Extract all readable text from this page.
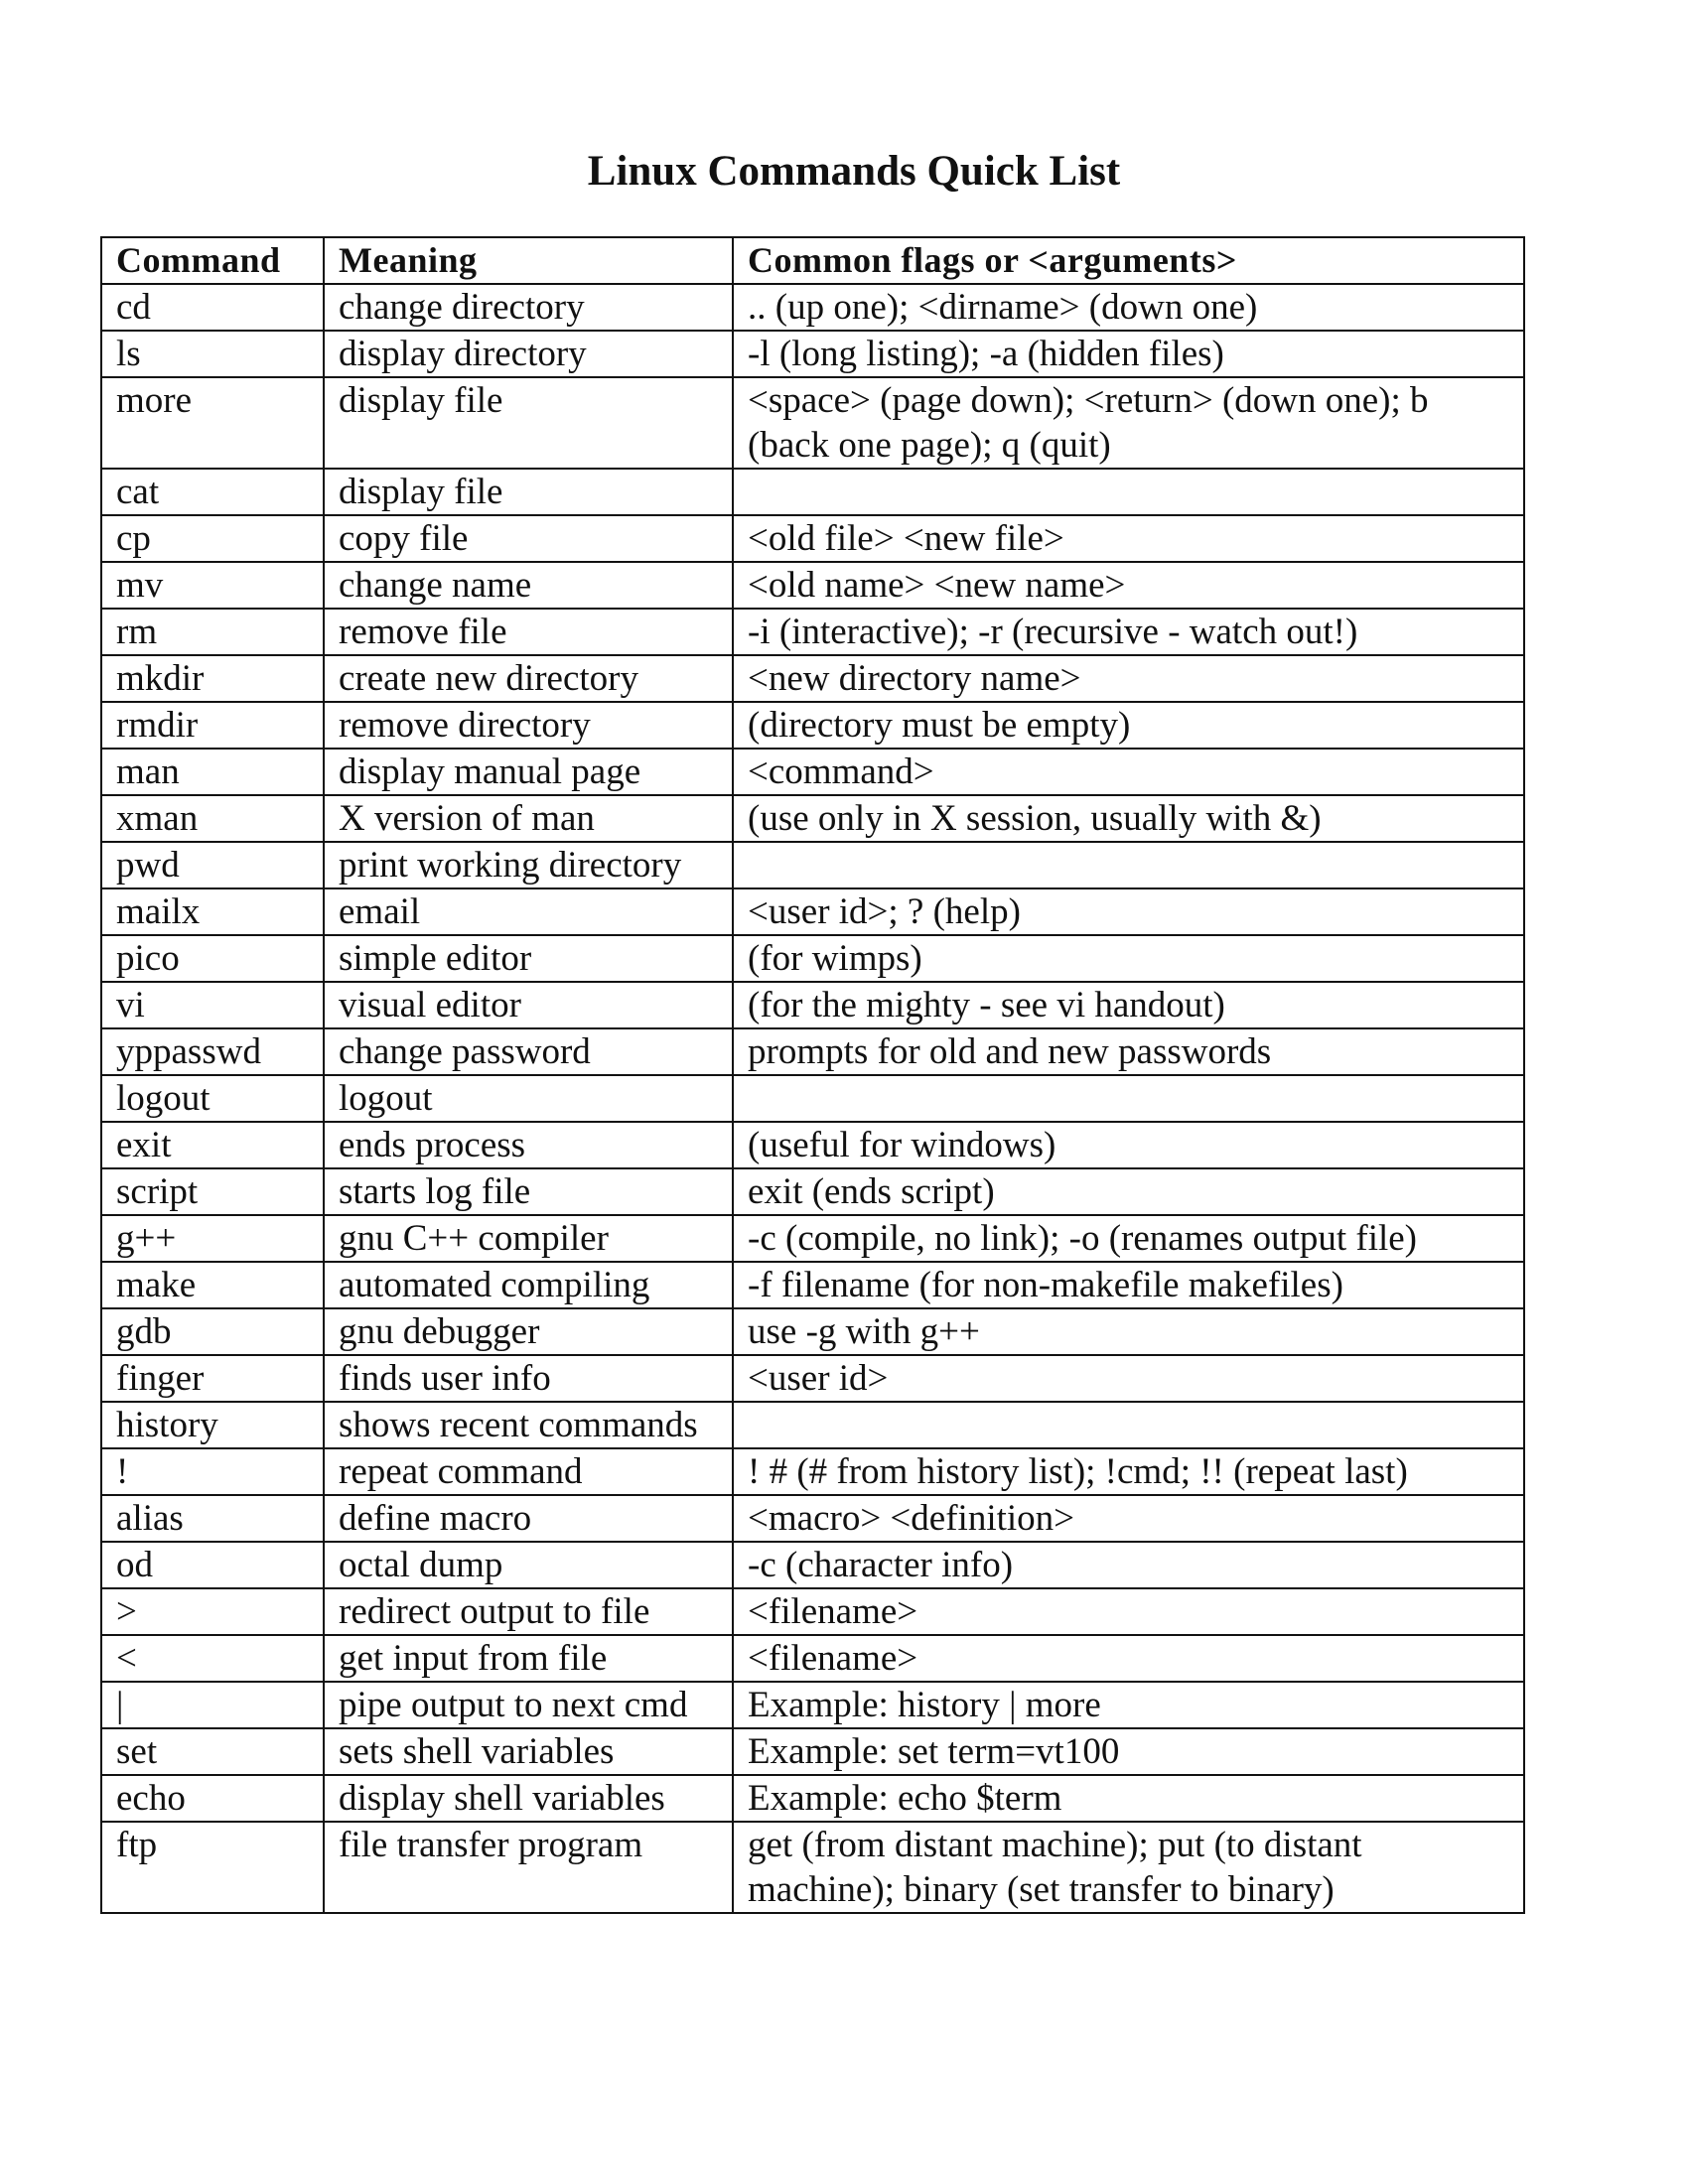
Linux Commands Quick List
Command	Meaning	Common flags or <arguments>
cd	change directory	.. (up one); <dirname> (down one)
ls	display directory	-l (long listing); -a (hidden files)
more	display file	<space> (page down); <return> (down one); b (back one page); q (quit)
cat	display file	
cp	copy file	<old file> <new file>
mv	change name	<old name> <new name>
rm	remove file	-i (interactive); -r (recursive - watch out!)
mkdir	create new directory	<new directory name>
rmdir	remove directory	(directory must be empty)
man	display manual page	<command>
xman	X version of man	(use only in X session, usually with &)
pwd	print working directory	
mailx	email	<user id>; ? (help)
pico	simple editor	(for wimps)
vi	visual editor	(for the mighty - see vi handout)
yppasswd	change password	prompts for old and new passwords
logout	logout	
exit	ends process	(useful for windows)
script	starts log file	exit (ends script)
g++	gnu C++ compiler	-c (compile, no link); -o (renames output file)
make	automated compiling	-f filename (for non-makefile makefiles)
gdb	gnu debugger	use -g with g++
finger	finds user info	<user id>
history	shows recent commands	
!	repeat command	! # (# from history list); !cmd; !! (repeat last)
alias	define macro	<macro> <definition>
od	octal dump	-c (character info)
>	redirect output to file	<filename>
<	get input from file	<filename>
|	pipe output to next cmd	Example: history | more
set	sets shell variables	Example: set term=vt100
echo	display shell variables	Example: echo $term
ftp	file transfer program	get (from distant machine); put (to distant machine); binary (set transfer to binary)
